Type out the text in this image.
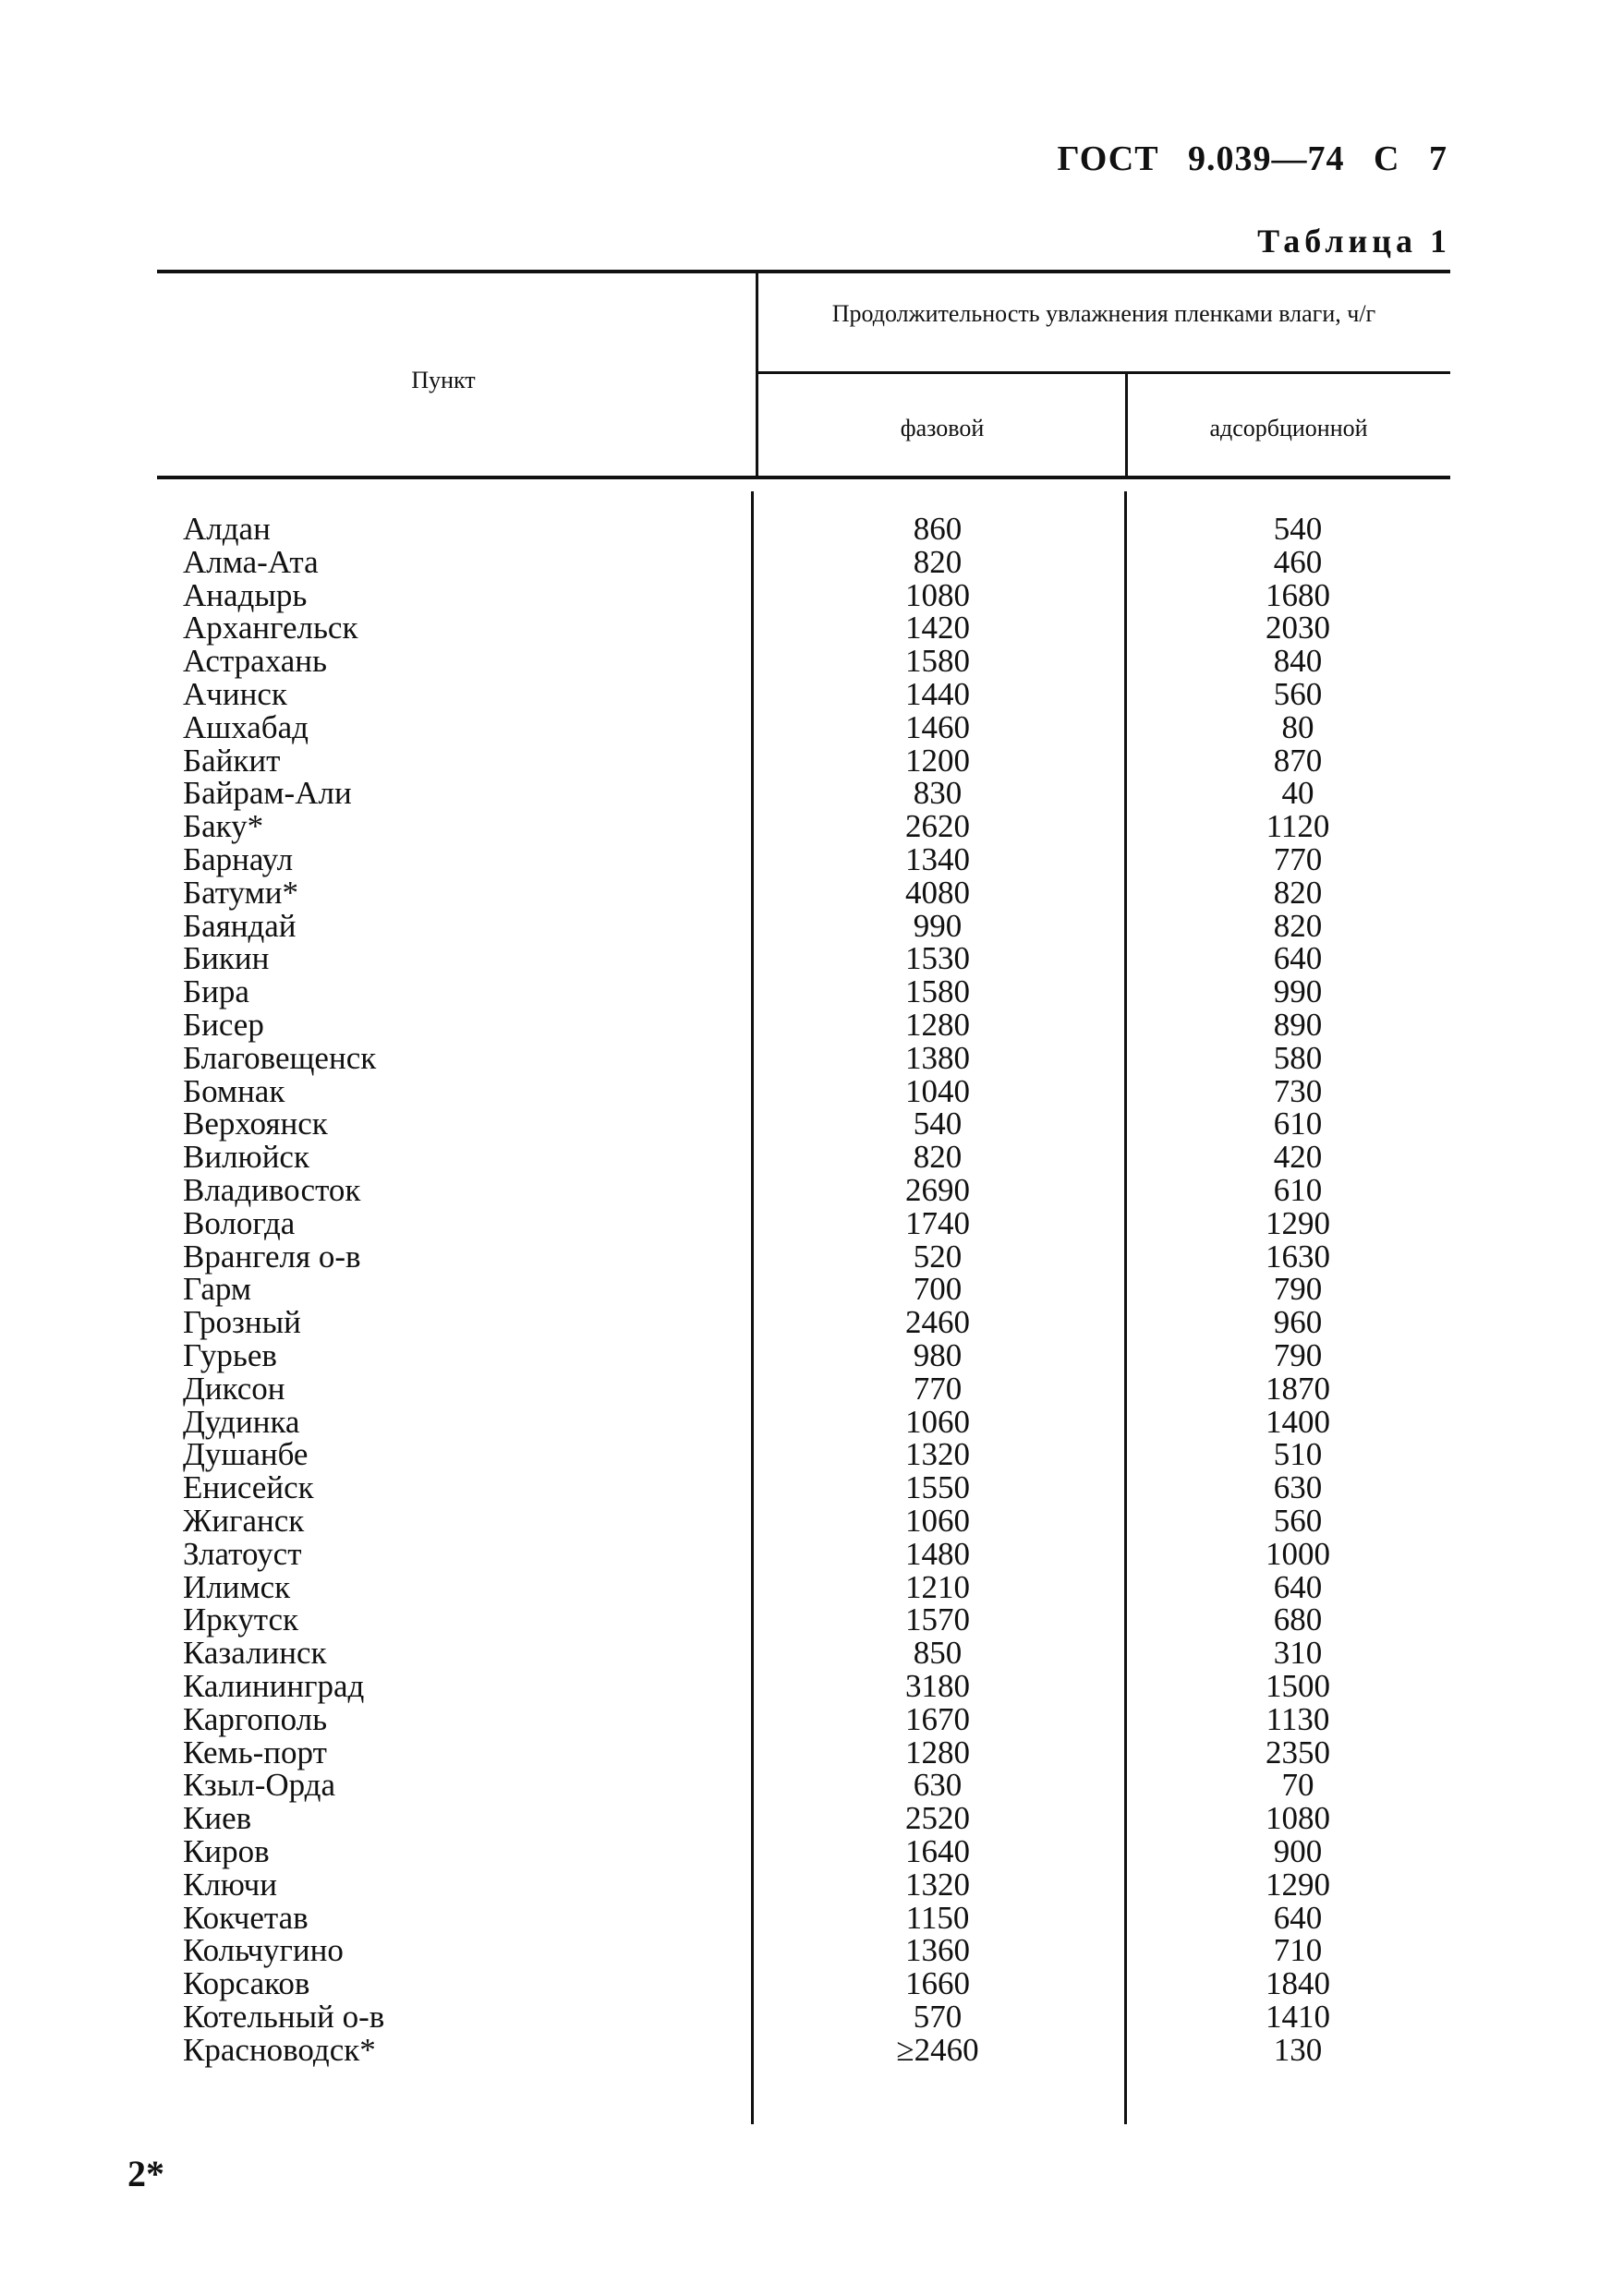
ГОСТ 9.039—74 С 7
Таблица 1
Пункт
Продолжительность увлажнения пленками влаги, ч/г
фазовой	адсорбционной
Алдан	860	540
Алма-Ата	820	460
Анадырь	1080	1680
Архангельск	1420	2030
Астрахань	1580	840
Ачинск	1440	560
Ашхабад	1460	80
Байкит	1200	870
Байрам-Али	830	40
Баку*	2620	1120
Барнаул	1340	770
Батуми*	4080	820
Баяндай	990	820
Бикин	1530	640
Бира	1580	990
Бисер	1280	890
Благовещенск	1380	580
Бомнак	1040	730
Верхоянск	540	610
Вилюйск	820	420
Владивосток	2690	610
Вологда	1740	1290
Врангеля о-в	520	1630
Гарм	700	790
Грозный	2460	960
Гурьев	980	790
Диксон	770	1870
Дудинка	1060	1400
Душанбе	1320	510
Енисейск	1550	630
Жиганск	1060	560
Златоуст	1480	1000
Илимск	1210	640
Иркутск	1570	680
Казалинск	850	310
Калининград	3180	1500
Каргополь	1670	1130
Кемь-порт	1280	2350
Кзыл-Орда	630	70
Киев	2520	1080
Киров	1640	900
Ключи	1320	1290
Кокчетав	1150	640
Кольчугино	1360	710
Корсаков	1660	1840
Котельный о-в	570	1410
Красноводск*	≥2460	130
2*
